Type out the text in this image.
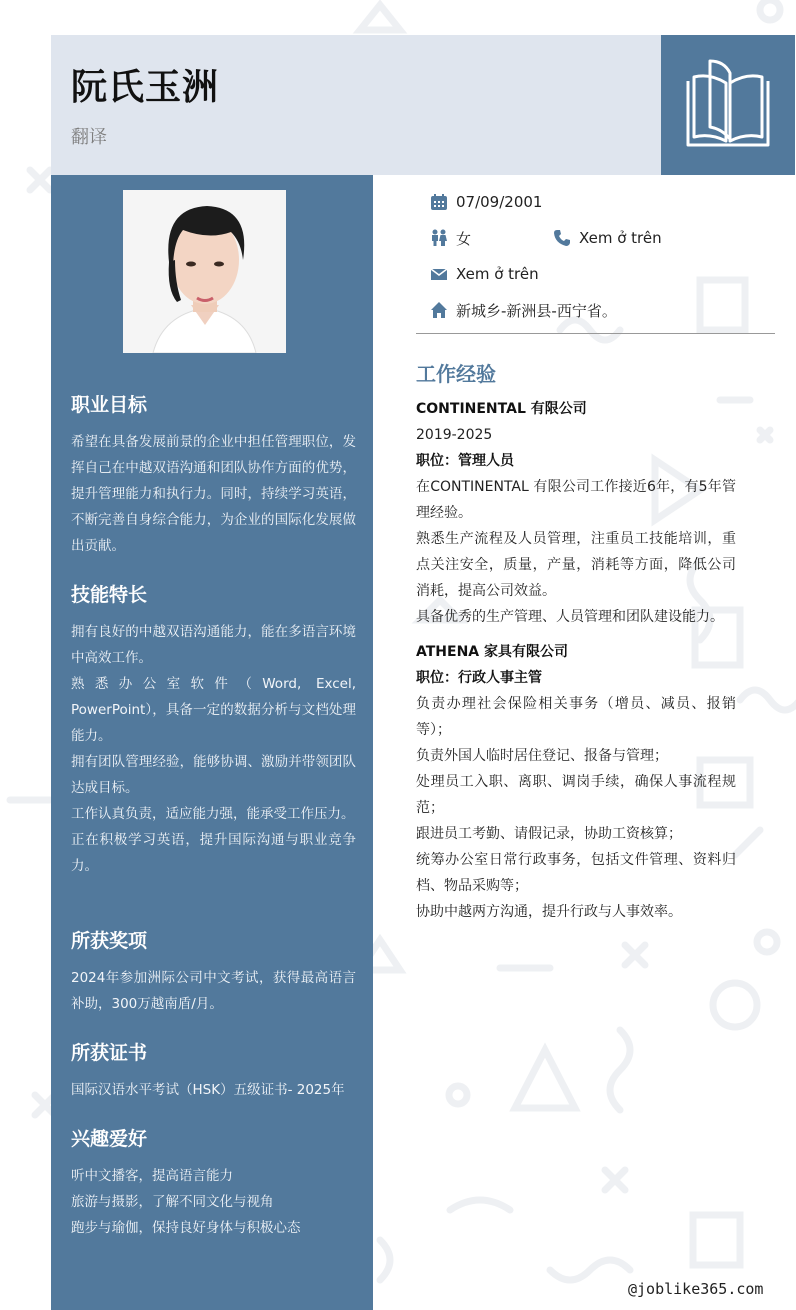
阮氏玉洲
翻译
职业目标

希望在具备发展前景的企业中担任管理职位，发挥自己在中越双语沟通和团队协作方面的优势，提升管理能力和执行力。同时，持续学习英语，不断完善自身综合能力，为企业的国际化发展做出贡献。

技能特长

拥有良好的中越双语沟通能力，能在多语言环境中高效工作。

熟悉办公室软件（Word, Excel, PowerPoint），具备一定的数据分析与文档处理能力。

拥有团队管理经验，能够协调、激励并带领团队达成目标。

工作认真负责，适应能力强，能承受工作压力。

正在积极学习英语，提升国际沟通与职业竞争力。

所获奖项

2024年参加洲际公司中文考试，获得最高语言补助，300万越南盾/月。

所获证书

国际汉语水平考试（HSK）五级证书- 2025年

兴趣爱好

听中文播客，提高语言能力

旅游与摄影，了解不同文化与视角

跑步与瑜伽，保持良好身体与积极心态

07/09/2001
女	Xem ở trên
Xem ở trên
新城乡-新洲县-西宁省。
工作经验

CONTINENTAL 有限公司

2019-2025

职位：管理人员

在CONTINENTAL 有限公司工作接近6年，有5年管理经验。

熟悉生产流程及人员管理，注重员工技能培训，重点关注安全，质量，产量，消耗等方面，降低公司消耗，提高公司效益。

具备优秀的生产管理、人员管理和团队建设能力。

ATHENA 家具有限公司

职位：行政人事主管

负责办理社会保险相关事务（增员、减员、报销等）；

负责外国人临时居住登记、报备与管理；

处理员工入职、离职、调岗手续，确保人事流程规范；

跟进员工考勤、请假记录，协助工资核算；

统筹办公室日常行政事务，包括文件管理、资料归档、物品采购等；

协助中越两方沟通，提升行政与人事效率。

@joblike365.com
